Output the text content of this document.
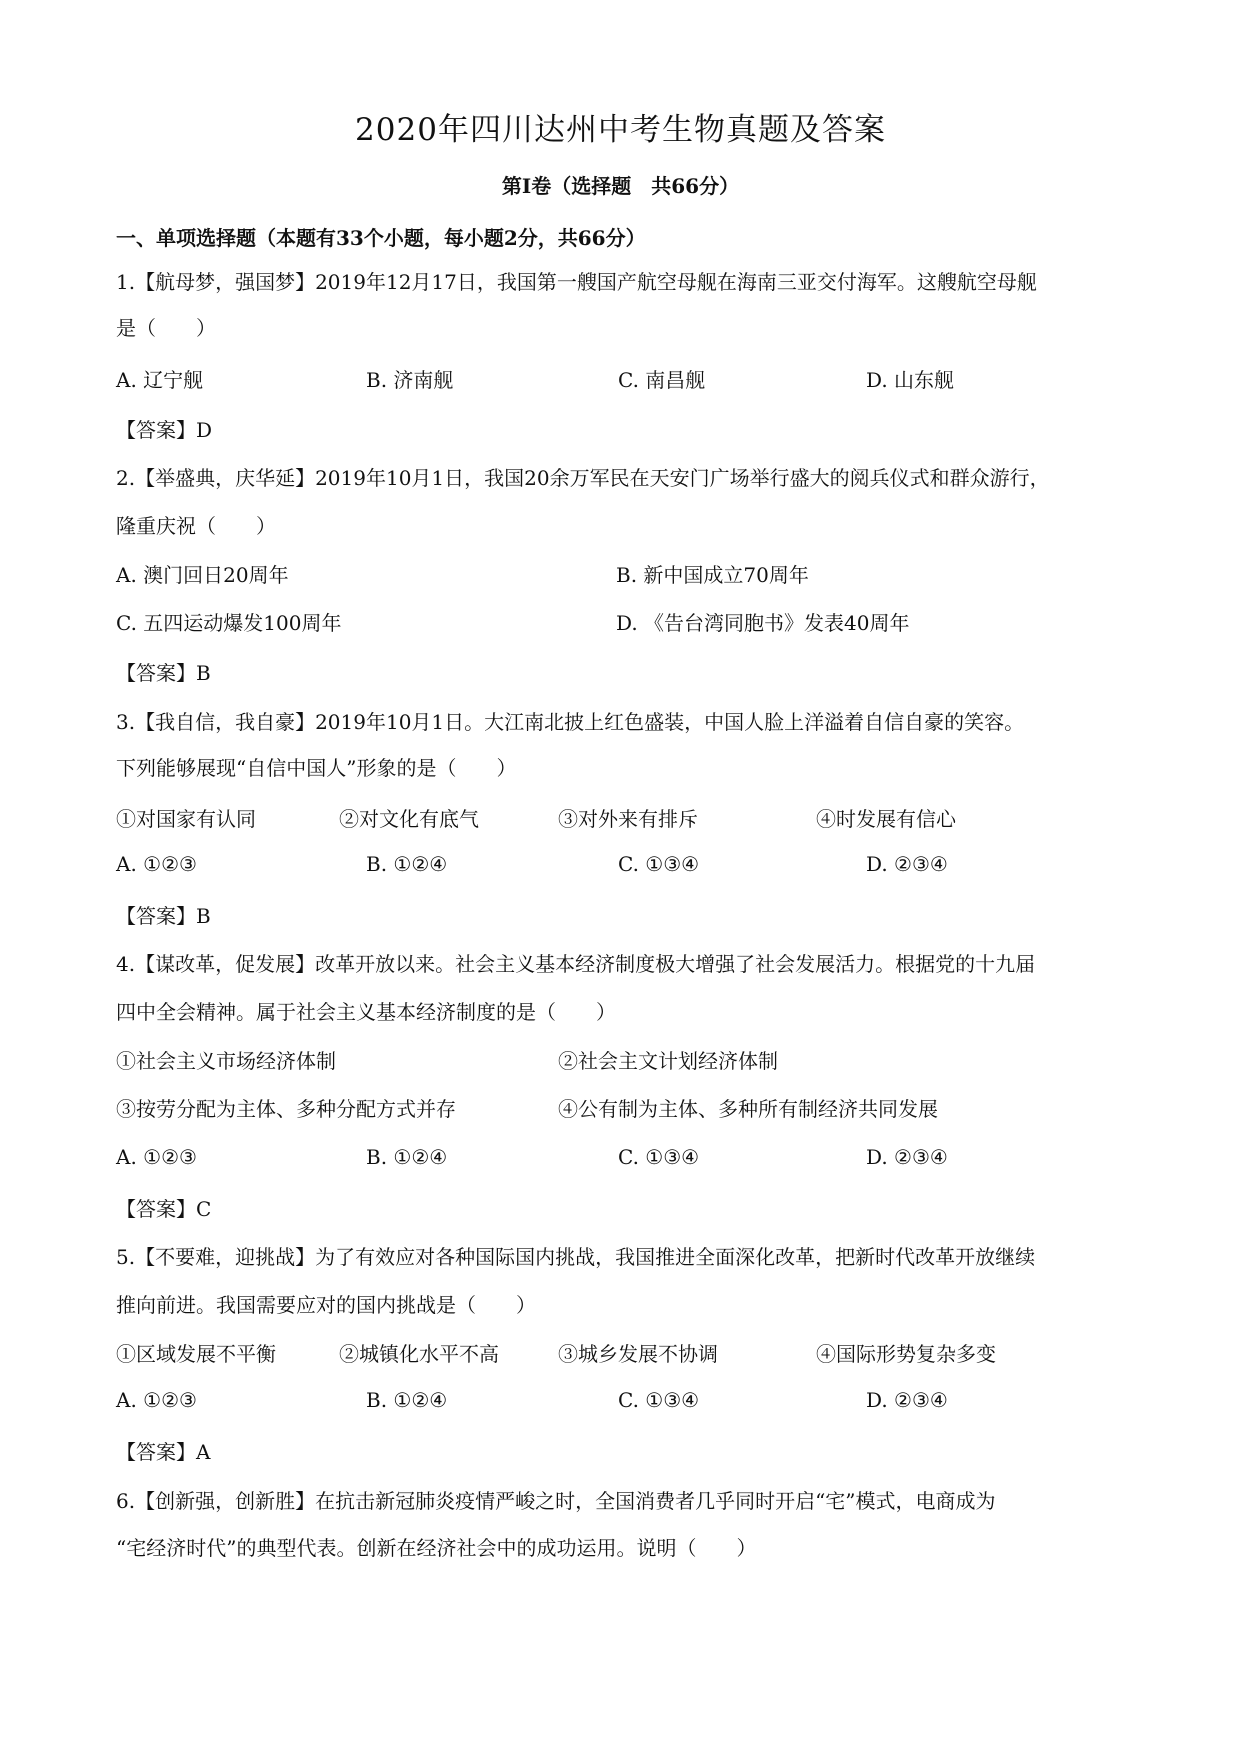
2020年四川达州中考生物真题及答案
第Ⅰ卷（选择题　共66分）
一、单项选择题（本题有33个小题，每小题2分，共66分）
1.【航母梦，强国梦】2019年12月17日，我国第一艘国产航空母舰在海南三亚交付海军。这艘航空母舰
是（　　）
A. 辽宁舰	B. 济南舰	C. 南昌舰	D. 山东舰
【答案】D
2.【举盛典，庆华延】2019年10月1日，我国20余万军民在天安门广场举行盛大的阅兵仪式和群众游行，
隆重庆祝（　　）
A. 澳门回日20周年	B. 新中国成立70周年
C. 五四运动爆发100周年	D. 《告台湾同胞书》发表40周年
【答案】B
3.【我自信，我自豪】2019年10月1日。大江南北披上红色盛装，中国人脸上洋溢着自信自豪的笑容。
下列能够展现“自信中国人”形象的是（　　）
①对国家有认同	②对文化有底气	③对外来有排斥	④时发展有信心
A. ①②③	B. ①②④	C. ①③④	D. ②③④
【答案】B
4.【谋改革，促发展】改革开放以来。社会主义基本经济制度极大增强了社会发展活力。根据党的十九届
四中全会精神。属于社会主义基本经济制度的是（　　）
①社会主义市场经济体制	②社会主文计划经济体制
③按劳分配为主体、多种分配方式并存	④公有制为主体、多种所有制经济共同发展
A. ①②③	B. ①②④	C. ①③④	D. ②③④
【答案】C
5.【不要难，迎挑战】为了有效应对各种国际国内挑战，我国推进全面深化改革，把新时代改革开放继续
推向前进。我国需要应对的国内挑战是（　　）
①区域发展不平衡	②城镇化水平不高	③城乡发展不协调	④国际形势复杂多变
A. ①②③	B. ①②④	C. ①③④	D. ②③④
【答案】A
6.【创新强，创新胜】在抗击新冠肺炎疫情严峻之时，全国消费者几乎同时开启“宅”模式，电商成为
“宅经济时代”的典型代表。创新在经济社会中的成功运用。说明（　　）
